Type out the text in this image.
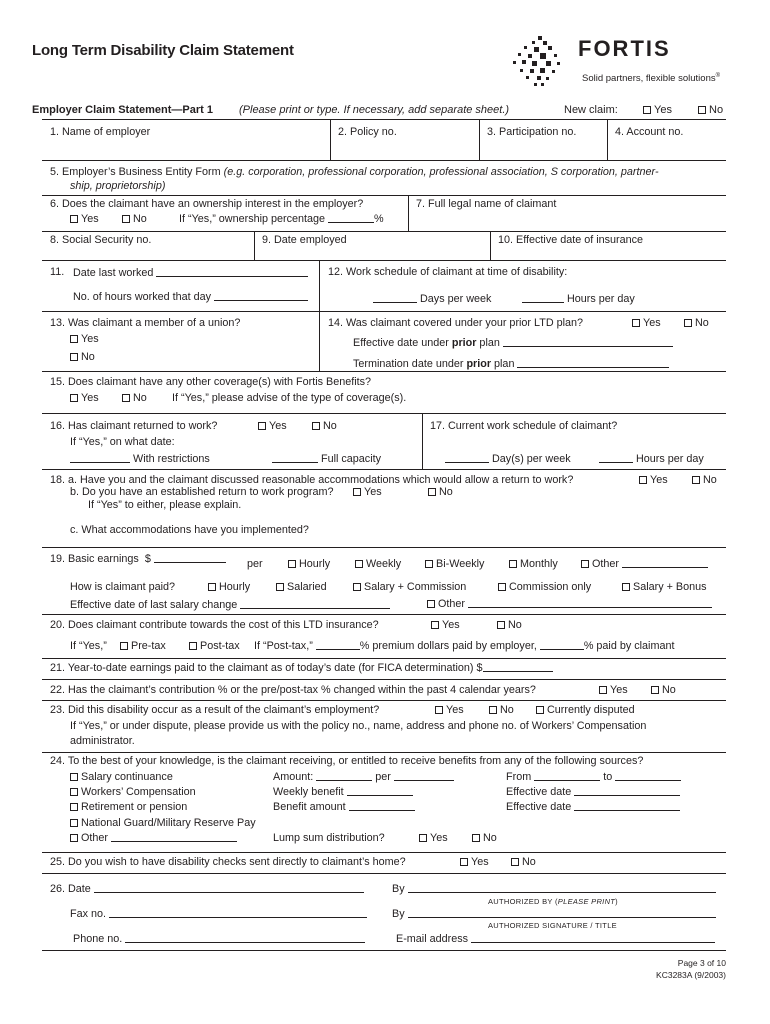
Long Term Disability Claim Statement	FORTIS
Solid partners, flexible solutions®
Employer Claim Statement—Part 1 (Please print or type. If necessary, add separate sheet.)	New claim:	Yes	No
1. Name of employer	2. Policy no.	3. Participation no.	4. Account no.
5. Employer’s Business Entity Form (e.g. corporation, professional corporation, professional association, S corporation, partner-
ship, proprietorship)
6. Does the claimant have an ownership interest in the employer?
Yes	No	If “Yes,” ownership percentage	%
7. Full legal name of claimant
8. Social Security no.	9. Date employed	10. Effective date of insurance
11. Date last worked
No. of hours worked that day
12. Work schedule of claimant at time of disability:
Days per week	Hours per day
13. Was claimant a member of a union?
Yes
No
14. Was claimant covered under your prior LTD plan?	Yes	No
Effective date under prior plan
Termination date under prior plan
15. Does claimant have any other coverage(s) with Fortis Benefits?
Yes	No If “Yes,” please advise of the type of coverage(s).
16. Has claimant returned to work?	Yes	No
If “Yes,” on what date:
With restrictions	Full capacity
17. Current work schedule of claimant?
Day(s) per week	Hours per day
18. a. Have you and the claimant discussed reasonable accommodations which would allow a return to work?	Yes	No
b. Do you have an established return to work program?	Yes	No
If “Yes” to either, please explain.
c. What accommodations have you implemented?
19. Basic earnings $	per	Hourly	Weekly	Bi-Weekly	Monthly	Other
How is claimant paid?	Hourly	Salaried	Salary + Commission	Commission only	Salary + Bonus
Effective date of last salary change	Other
20. Does claimant contribute towards the cost of this LTD insurance?	Yes	No
If “Yes,”	Pre-tax	Post-tax If “Post-tax,”	% premium dollars paid by employer,	% paid by claimant
21. Year-to-date earnings paid to the claimant as of today’s date (for FICA determination) $
22. Has the claimant’s contribution % or the pre/post-tax % changed within the past 4 calendar years?	Yes	No
23. Did this disability occur as a result of the claimant’s employment?	Yes	No	Currently disputed
If “Yes,” or under dispute, please provide us with the policy no., name, address and phone no. of Workers’ Compensation
administrator.
24. To the best of your knowledge, is the claimant receiving, or entitled to receive benefits from any of the following sources?
Salary continuance	Amount:	per	From	to
Workers’ Compensation	Weekly benefit	Effective date
Retirement or pension	Benefit amount	Effective date
National Guard/Military Reserve Pay
Other	Lump sum distribution?	Yes	No
25. Do you wish to have disability checks sent directly to claimant’s home?	Yes	No
26. Date	By
AUTHORIZED BY (PLEASE PRINT)
Fax no.	By
AUTHORIZED SIGNATURE / TITLE
Phone no.	E-mail address
Page 3 of 10
KC3283A (9/2003)
